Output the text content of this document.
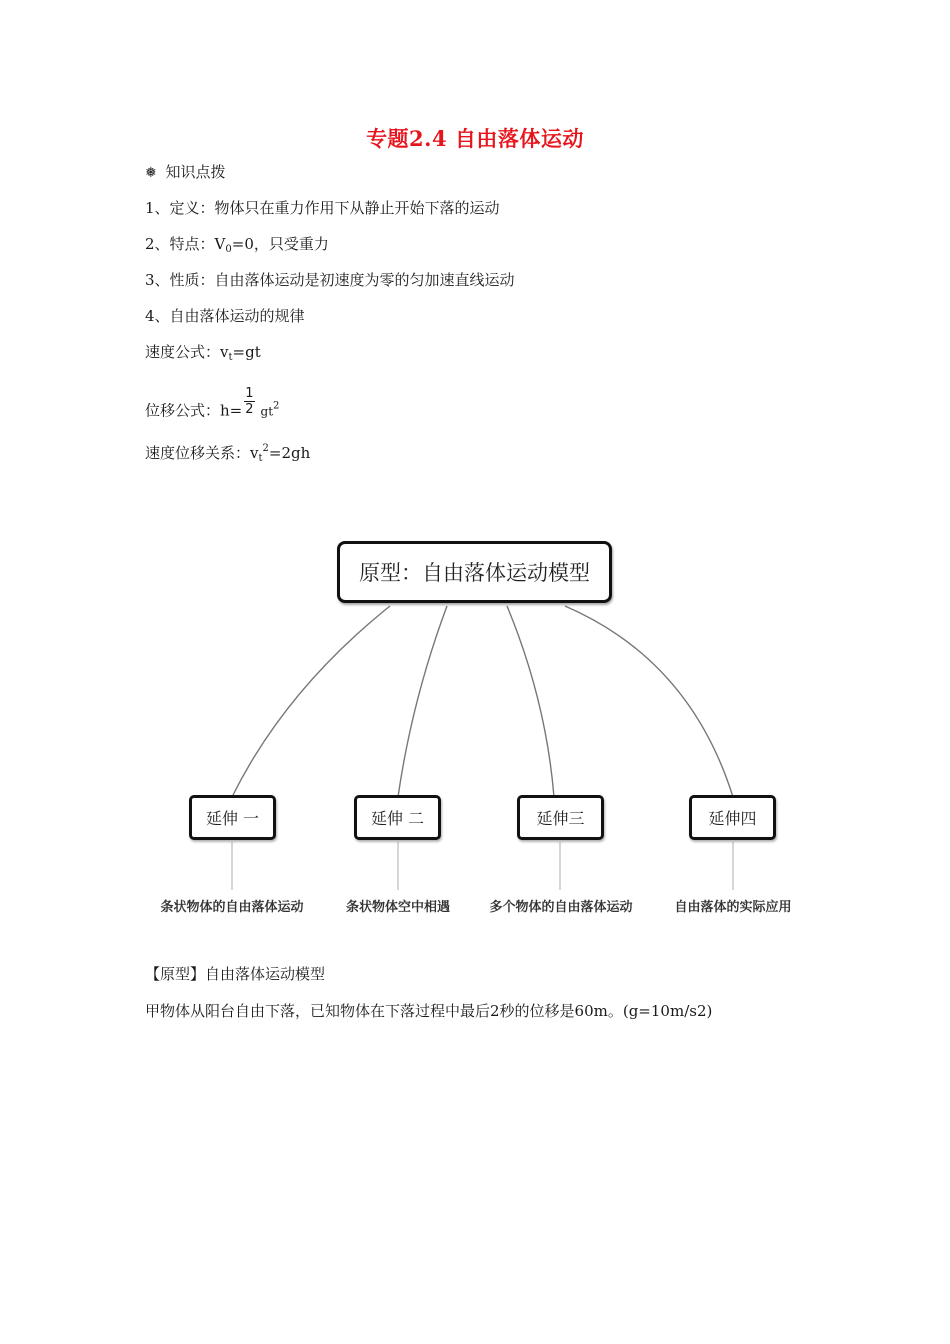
专题2.4 自由落体运动
❅ 知识点拨
1、定义：物体只在重力作用下从静止开始下落的运动
2、特点：$V_0=0$，只受重力
3、性质：自由落体运动是初速度为零的匀加速直线运动
4、自由落体运动的规律
速度公式：$v_t=gt$
位移公式：$h= \frac{1}{2} gt^2$
速度位移关系：$v_t^2=2gh$
原型：自由落体运动模型
延伸 一	延伸 二	延伸三	延伸四
条状物体的自由落体运动	条状物体空中相遇	多个物体的自由落体运动	自由落体的实际应用
【原型】自由落体运动模型
甲物体从阳台自由下落，已知物体在下落过程中最后2秒的位移是60m。(g=10m/s2)
